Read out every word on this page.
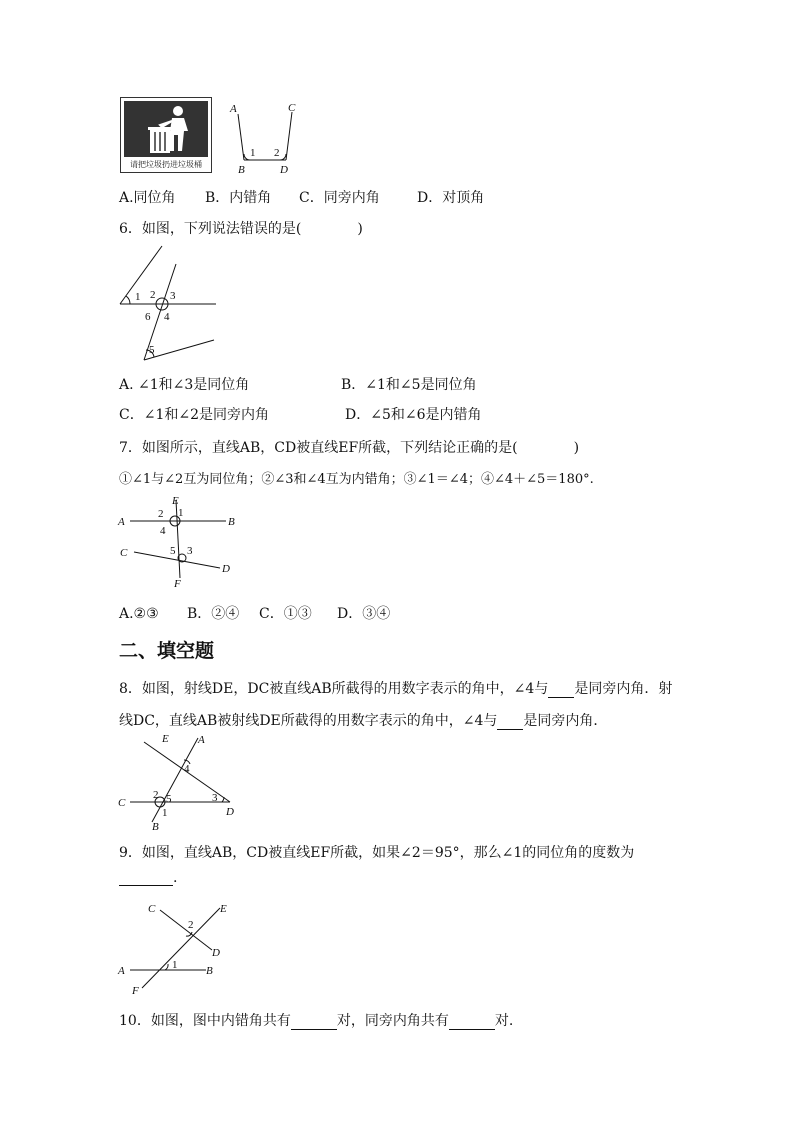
请把垃圾扔进垃圾桶
A	C
B	D
1 2
A.同位角 B．内错角 C．同旁内角	D．对顶角
6．如图，下列说法错误的是(　　　　)
1 2 3
4
6
5
A. ∠1和∠3是同位角	B．∠1和∠5是同位角
C．∠1和∠2是同旁内角	D．∠5和∠6是内错角
7．如图所示，直线AB，CD被直线EF所截，下列结论正确的是(　　　　)
①∠1与∠2互为同位角；②∠3和∠4互为内错角；③∠1＝∠4；④∠4＋∠5＝180°.
A	B
C
D
E
F
2 1
4
5 3
A.②③ B．②④ C．①③ D．③④
二、填空题
8．如图，射线DE，DC被直线AB所截得的用数字表示的角中，∠4与 是同旁内角．射
线DC，直线AB被射线DE所截得的用数字表示的角中，∠4与 是同旁内角．
C
D
E	A
B
4
2 5
1
3
9．如图，直线AB，CD被直线EF所截，如果∠2＝95°，那么∠1的同位角的度数为
.
C	E
D
A	B
F
2
1
10．如图，图中内错角共有	对，同旁内角共有	对.
